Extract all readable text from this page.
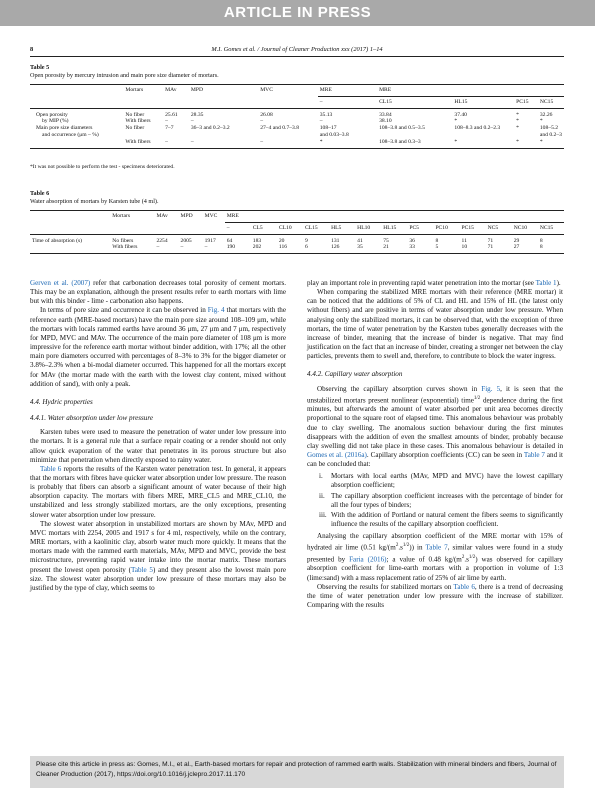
ARTICLE IN PRESS
8	M.I. Gomes et al. / Journal of Cleaner Production xxx (2017) 1–14
Table 5
Open porosity by mercury intrusion and main pore size diameter of mortars.
	Mortars	MAv	MPD	MVC	MRE	MRE			
					–	CL15	HL15	PC15	NC15
Open porosity	No fiber	25.61	28.35	26.08	35.13	33.84	37.40	*	32.26
by MIP (%)	With fibers	–	–	–	–	38.10	*	*	*
Main pore size diameters	No fiber	7–7	36–3 and 0.2–3.2	27–4 and 0.7–3.8	108–17	108–3.8 and 0.5–3.5	108–8.3 and 0.2–2.3	*	108–5.2
and occurrence (μm – %)					and 0.03–3.8				and 0.2–3
	With fibers	–	–	–	*	108–3.8 and 0.3–3	*	*	*
*It was not possible to perform the test - specimens deteriorated.
Table 6
Water absorption of mortars by Karsten tube (4 ml).
	Mortars	MAv	MPD	MVC	MRE												
					–	CL5	CL10	CL15	HL5	HL10	HL15	PC5	PC10	PC15	NC5	NC10	NC15
Time of absorption (s)	No fibers	2254	2005	1917	64	183	20	9	131	41	75	36	8	11	71	29	8
	With fibers	–	–	–	190	202	116	6	126	35	21	33	5	10	71	27	8

Gerven et al. (2007) refer that carbonation decreases total porosity of cement mortars. This may be an explanation, although the present results refer to earth mortars with lime but with this binder - lime - carbonation also happens.

In terms of pore size and occurrence it can be observed in Fig. 4 that mortars with the reference earth (MRE-based mortars) have the main pore size around 108–109 μm, while the mortars with locals rammed earths have around 36 μm, 27 μm and 7 μm, respectively for MPD, MVC and MAv. The occurrence of the main pore diameter of 108 μm is more impressive for the reference earth mortar without binder addition, with 17%; all the other main pore diameters occurred with percentages of 8–3% to 3% for the bigger diameter or 3.8%–2.3% when a bi-modal diameter occurred. This happened for all the mortars except for MAv (the mortar made with the earth with the lowest clay content, mixed without addition of sand), with only a peak.

4.4. Hydric properties
4.4.1. Water absorption under low pressure

Karsten tubes were used to measure the penetration of water under low pressure into the mortars. It is a general rule that a surface repair coating or a render should not only allow quick evaporation of the water that penetrates in its porous structure but also minimize that penetration when directly exposed to rainy water.

Table 6 reports the results of the Karsten water penetration test. In general, it appears that the mortars with fibres have quicker water absorption under low pressure. The reason is probably that fibers can absorb a significant amount of water because of their high absorption capacity. The mortars with fibers MRE, MRE_CL5 and MRE_CL10, the unstabilized and less strongly stabilized mortars, are the only exceptions, presenting slower water absorption under low pressure.

The slowest water absorption in unstabilized mortars are shown by MAv, MPD and MVC mortars with 2254, 2005 and 1917 s for 4 ml, respectively, while on the contrary, MRE mortars, with a kaolinitic clay, absorb water much more quickly. It means that the mortars made with the rammed earth materials, MAv, MPD and MVC, provide the best microstructure, preventing rapid water intake into the mortar matrix. These mortars present the lowest open porosity (Table 5) and they present also the lowest main pore size. The slowest water absorption under low pressure of these mortars may also be justified by the type of clay, which seems to

play an important role in preventing rapid water penetration into the mortar (see Table 1).

When comparing the stabilized MRE mortars with their reference (MRE mortar) it can be noticed that the additions of 5% of CL and HL and 15% of HL (the latest only without fibers) and are positive in terms of water absorption under low pressure. When analysing only the stabilized mortars, it can be observed that, with the exception of three mortars, the time of water penetration by the Karsten tubes generally decreases with the increase of binder, meaning that the increase of binder is negative. That may find justification on the fact that an increase of binder, creating a stronger net between the clay particles, prevents them to swell and, therefore, to contribute to block the water ingress.

4.4.2. Capillary water absorption

Observing the capillary absorption curves shown in Fig. 5, it is seen that the unstabilized mortars present nonlinear (exponential) time$^{1/2}$ dependence during the first minutes, but afterwards the amount of water absorbed per unit area becomes directly proportional to the square root of elapsed time. This anomalous behaviour was probably due to clay swelling. The anomalous suction behaviour during the first minutes disappears with the addition of even the smallest amounts of binder, probably because clay swelling did not take place in these cases. This anomalous behaviour is detailed in Gomes et al. (2016a). Capillary absorption coefficients (CC) can be seen in Table 7 and it can be concluded that:

i. Mortars with local earths (MAv, MPD and MVC) have the lowest capillary absorption coefficient;
ii. The capillary absorption coefficient increases with the percentage of binder for all the four types of binders;
iii. With the addition of Portland or natural cement the fibers seems to significantly influence the results of the capillary absorption coefficient.

Analysing the capillary absorption coefficient of the MRE mortar with 15% of hydrated air lime (0.51 $kg/(m^2.s^{1/2})$) in Table 7, similar values were found in a study presented by Faria (2016); a value of 0.48 $kg/(m^2.s^{1/2})$ was observed for capillary absorption coefficient for lime-earth mortars with a proportion in volume of 1:3 (lime:sand) with a mass replacement ratio of 25% of air lime by earth.

Observing the results for stabilized mortars on Table 6, there is a trend of decreasing the time of water penetration under low pressure with the increase of stabilizer. Comparing with the results

Please cite this article in press as: Gomes, M.I., et al., Earth-based mortars for repair and protection of rammed earth walls. Stabilization with mineral binders and fibers, Journal of Cleaner Production (2017), https://doi.org/10.1016/j.jclepro.2017.11.170
